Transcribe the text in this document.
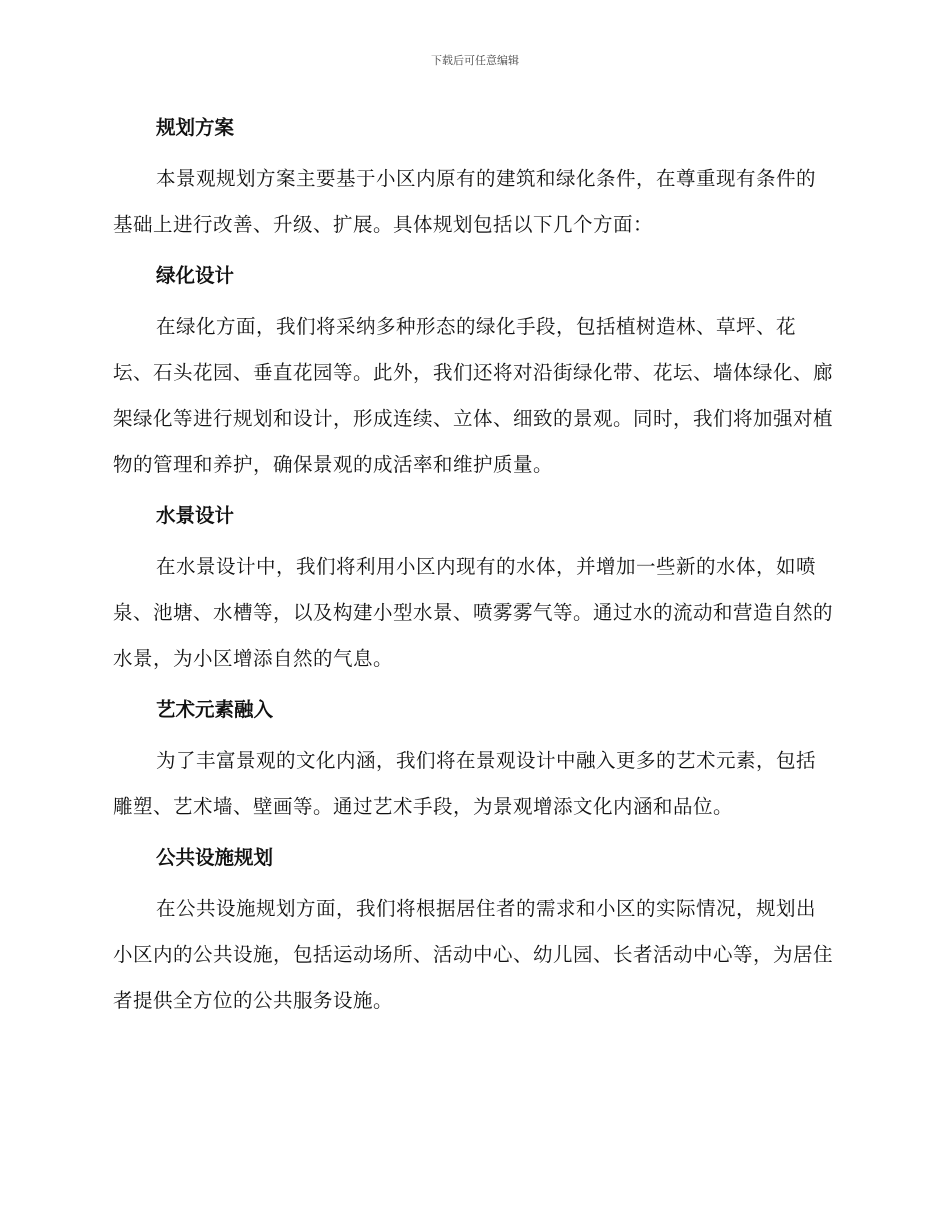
下载后可任意编辑
规划方案

本景观规划方案主要基于小区内原有的建筑和绿化条件，在尊重现有条件的基础上进行改善、升级、扩展。具体规划包括以下几个方面：

绿化设计

在绿化方面，我们将采纳多种形态的绿化手段，包括植树造林、草坪、花坛、石头花园、垂直花园等。此外，我们还将对沿街绿化带、花坛、墙体绿化、廊架绿化等进行规划和设计，形成连续、立体、细致的景观。同时，我们将加强对植物的管理和养护，确保景观的成活率和维护质量。

水景设计

在水景设计中，我们将利用小区内现有的水体，并增加一些新的水体，如喷泉、池塘、水槽等，以及构建小型水景、喷雾雾气等。通过水的流动和营造自然的水景，为小区增添自然的气息。

艺术元素融入

为了丰富景观的文化内涵，我们将在景观设计中融入更多的艺术元素，包括雕塑、艺术墙、壁画等。通过艺术手段，为景观增添文化内涵和品位。

公共设施规划

在公共设施规划方面，我们将根据居住者的需求和小区的实际情况，规划出小区内的公共设施，包括运动场所、活动中心、幼儿园、长者活动中心等，为居住者提供全方位的公共服务设施。
